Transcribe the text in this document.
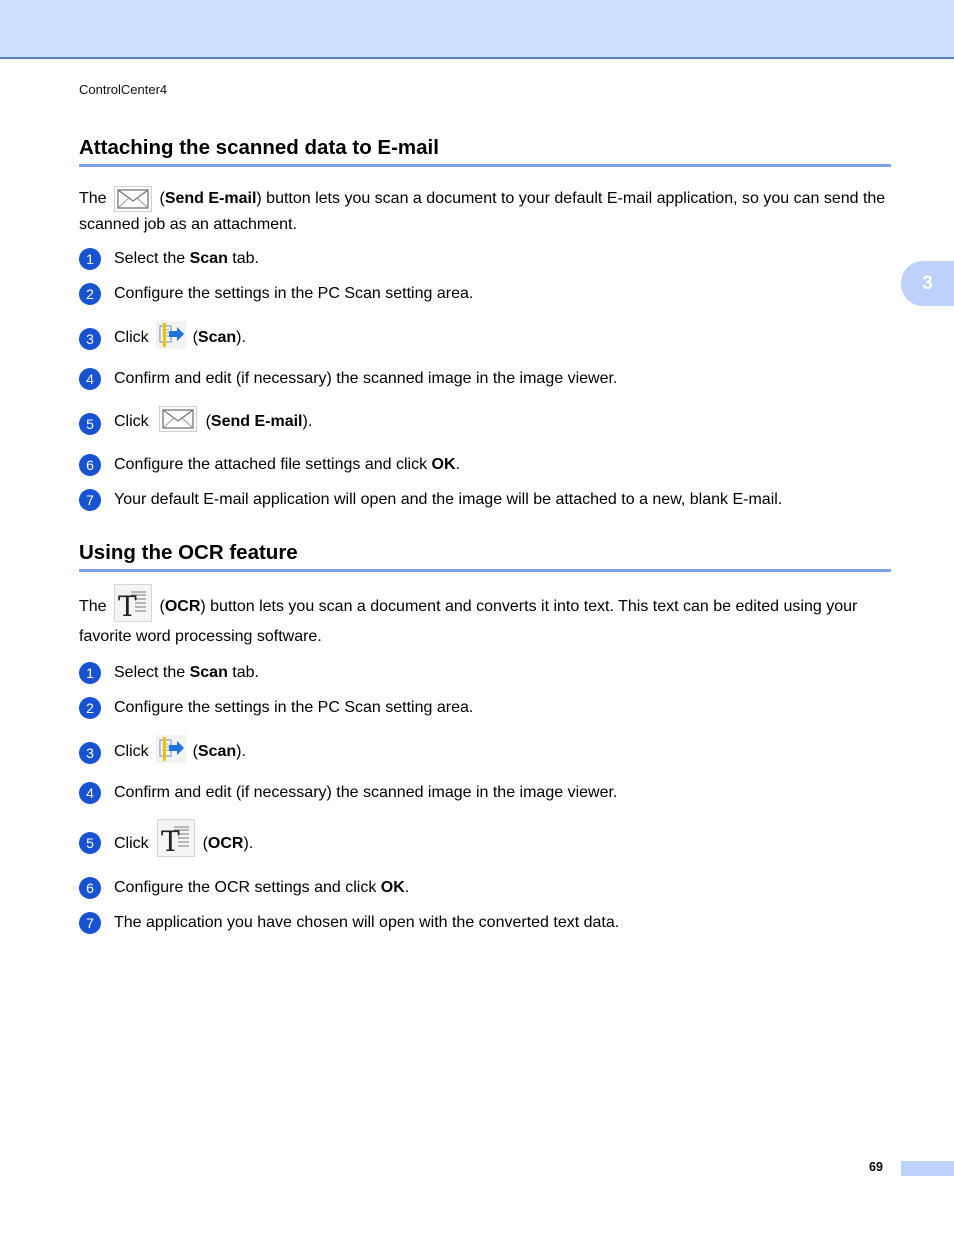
ControlCenter4
3
Attaching the scanned data to E-mail
The	(Send E-mail) button lets you scan a document to your default E-mail application, so you can send the scanned job as an attachment.
1	Select the Scan tab.
2	Configure the settings in the PC Scan setting area.
3	Click  (Scan).
4	Confirm and edit (if necessary) the scanned image in the image viewer.
5	Click	(Send E-mail).
6	Configure the attached file settings and click OK.
7	Your default E-mail application will open and the image will be attached to a new, blank E-mail.
Using the OCR feature
The T (OCR) button lets you scan a document and converts it into text. This text can be edited using your favorite word processing software.
1	Select the Scan tab.
2	Configure the settings in the PC Scan setting area.
3	Click  (Scan).
4	Confirm and edit (if necessary) the scanned image in the image viewer.
5	Click T (OCR).
6	Configure the OCR settings and click OK.
7	The application you have chosen will open with the converted text data.
69
